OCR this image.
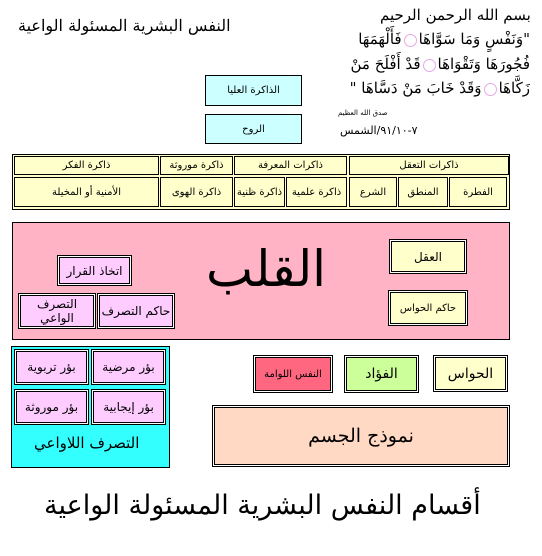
النفس البشرية المسئولة الواعية
بسم الله الرحمن الرحيم
"وَنَفْسٍ وَمَا سَوَّاهَافَأَلْهَمَهَا
فُجُورَهَا وَتَقْوَاهَاقَدْ أَفْلَحَ مَنْ
زَكَّاهَاوَقَدْ خَابَ مَنْ دَسَّاهَا "
صدق الله العظيم
٧-٩١/١٠/الشمس
الذاكرة العليا
الروح
ذاكرات التعقل
الفطرة
المنطق
الشرع
ذاكرات المعرفة
ذاكرة علمية
ذاكرة ظنية
ذاكرة موروثة
ذاكرة الهوى
ذاكرة الفكر
الأمنية أو المخيلة
القلب
اتخاذ القرار
حاكم التصرف
التصرف الواعي
العقل
حاكم الحواس
بؤر مرضية
بؤر تربوية
بؤر إيجابية
بؤر موروثة
التصرف اللاواعي
النفس اللوامة	الفؤاد	الحواس
نموذج الجسم
أقسام النفس البشرية المسئولة الواعية
